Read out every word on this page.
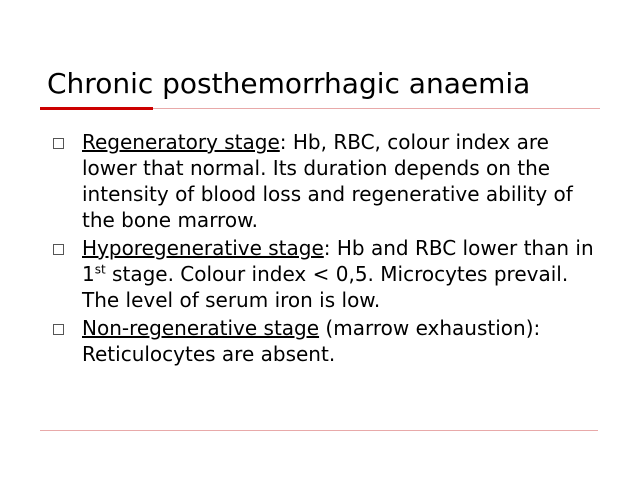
Chronic posthemorrhagic anaemia
Regeneratory stage: Hb, RBC, colour index are lower that normal. Its duration depends on the intensity of blood loss and regenerative ability of the bone marrow.
Hyporegenerative stage: Hb and RBC lower than in 1st stage. Colour index < 0,5. Microcytes prevail. The level of serum iron is low.
Non-regenerative stage (marrow exhaustion): Reticulocytes are absent.
